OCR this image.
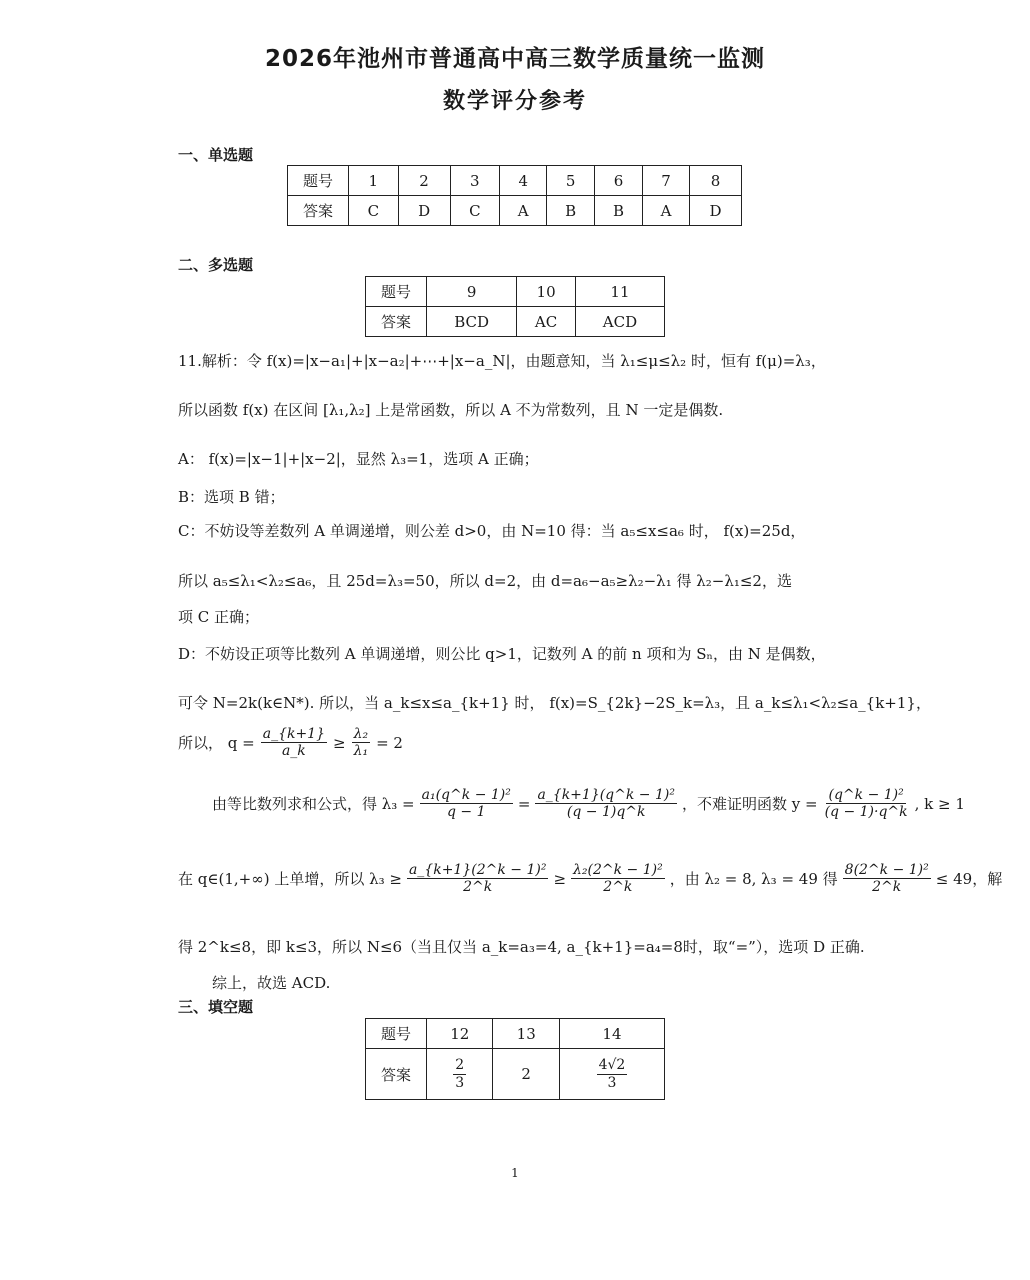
2026年池州市普通高中高三数学质量统一监测
数学评分参考
一、单选题
题号	1	2	3	4	5	6	7	8
答案	C	D	C	A	B	B	A	D
二、多选题
题号	9	10	11
答案	BCD	AC	ACD
11.解析：令 f(x)=|x−a₁|+|x−a₂|+⋯+|x−a_N|，由题意知，当 λ₁≤μ≤λ₂ 时，恒有 f(μ)=λ₃，
所以函数 f(x) 在区间 [λ₁,λ₂] 上是常函数，所以 A 不为常数列，且 N 一定是偶数.
A： f(x)=|x−1|+|x−2|，显然 λ₃=1，选项 A 正确；
B：选项 B 错；
C：不妨设等差数列 A 单调递增，则公差 d>0，由 N=10 得：当 a₅≤x≤a₆ 时， f(x)=25d，
所以 a₅≤λ₁<λ₂≤a₆，且 25d=λ₃=50，所以 d=2，由 d=a₆−a₅≥λ₂−λ₁ 得 λ₂−λ₁≤2，选
项 C 正确；
D：不妨设正项等比数列 A 单调递增，则公比 q>1，记数列 A 的前 n 项和为 Sₙ，由 N 是偶数，
可令 N=2k(k∈N*). 所以，当 a_k≤x≤a_{k+1} 时， f(x)=S_{2k}−2S_k=λ₃，且 a_k≤λ₁<λ₂≤a_{k+1}，
所以， $q = \frac{a\_\{k+1\}}{a\_k} \ge \frac{\text{λ₂}}{\text{λ₁}} = 2$
由等比数列求和公式，得 $\lambda_3 = \frac{\text{a₁(q\textasciicircum{}k − 1)²}}{q - 1} = \frac{\text{a\_\{k+1\}(q\textasciicircum{}k − 1)²}}{(q - 1)q\^{}k}$ ，不难证明函数 $y = \frac{\text{(q\textasciicircum{}k − 1)²}}{(q - 1)\cdot q\^{}k}$ , k ≥ 1
在 q∈(1,+∞) 上单增，所以 $\lambda_3 \ge \frac{\text{a\_\{k+1\}(2\textasciicircum{}k − 1)²}}{2\^{}k} \ge \frac{\text{λ₂(2\textasciicircum{}k − 1)²}}{2\^{}k}$ ，由 λ₂ = 8, λ₃ = 49 得 $\frac{\text{8(2\textasciicircum{}k − 1)²}}{2\^{}k} \le 49$，解
得 2^k≤8，即 k≤3，所以 N≤6（当且仅当 a_k=a₃=4, a_{k+1}=a₄=8时，取“=”），选项 D 正确.
综上，故选 ACD.
三、填空题
题号	12	13	14
答案	$\frac{2}{3}$	2	$\frac{4√2}{3}$
1
